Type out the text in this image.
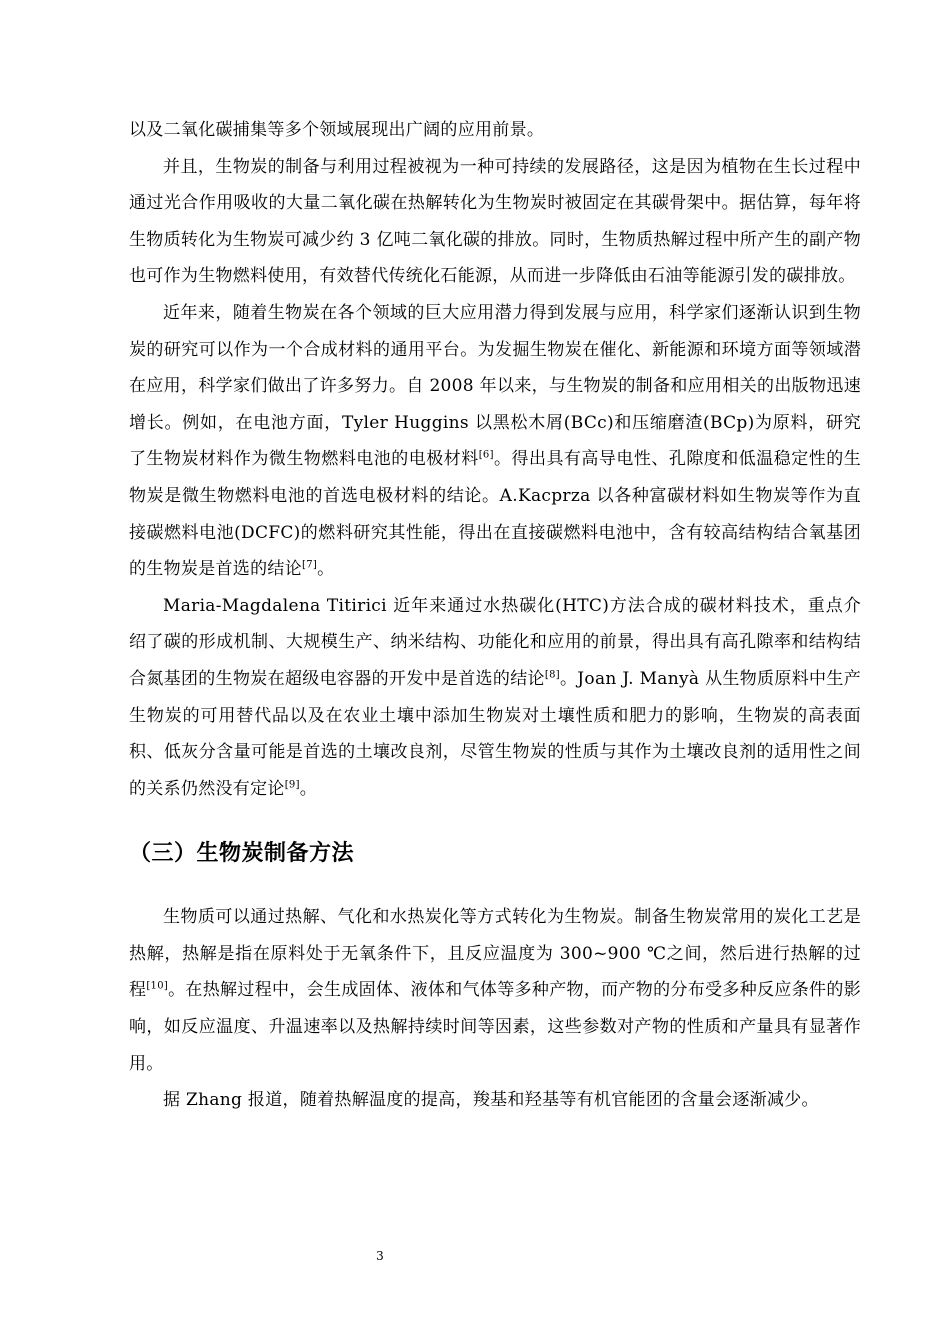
以及二氧化碳捕集等多个领域展现出广阔的应用前景。

并且，生物炭的制备与利用过程被视为一种可持续的发展路径，这是因为植物在生长过程中通过光合作用吸收的大量二氧化碳在热解转化为生物炭时被固定在其碳骨架中。据估算，每年将生物质转化为生物炭可减少约 3 亿吨二氧化碳的排放。同时，生物质热解过程中所产生的副产物也可作为生物燃料使用，有效替代传统化石能源，从而进一步降低由石油等能源引发的碳排放。

近年来，随着生物炭在各个领域的巨大应用潜力得到发展与应用，科学家们逐渐认识到生物炭的研究可以作为一个合成材料的通用平台。为发掘生物炭在催化、新能源和环境方面等领域潜在应用，科学家们做出了许多努力。自 2008 年以来，与生物炭的制备和应用相关的出版物迅速增长。例如，在电池方面，Tyler Huggins 以黑松木屑(BCc)和压缩磨渣(BCp)为原料，研究了生物炭材料作为微生物燃料电池的电极材料[6]。得出具有高导电性、孔隙度和低温稳定性的生物炭是微生物燃料电池的首选电极材料的结论。A.Kacprza 以各种富碳材料如生物炭等作为直接碳燃料电池(DCFC)的燃料研究其性能，得出在直接碳燃料电池中，含有较高结构结合氧基团的生物炭是首选的结论[7]。

Maria-Magdalena Titirici 近年来通过水热碳化(HTC)方法合成的碳材料技术，重点介绍了碳的形成机制、大规模生产、纳米结构、功能化和应用的前景，得出具有高孔隙率和结构结合氮基团的生物炭在超级电容器的开发中是首选的结论[8]。Joan J. Manyà 从生物质原料中生产生物炭的可用替代品以及在农业土壤中添加生物炭对土壤性质和肥力的影响，生物炭的高表面积、低灰分含量可能是首选的土壤改良剂，尽管生物炭的性质与其作为土壤改良剂的适用性之间的关系仍然没有定论[9]。

（三）生物炭制备方法

生物质可以通过热解、气化和水热炭化等方式转化为生物炭。制备生物炭常用的炭化工艺是热解，热解是指在原料处于无氧条件下，且反应温度为 300~900 ℃之间，然后进行热解的过程[10]。在热解过程中，会生成固体、液体和气体等多种产物，而产物的分布受多种反应条件的影响，如反应温度、升温速率以及热解持续时间等因素，这些参数对产物的性质和产量具有显著作用。

据 Zhang 报道，随着热解温度的提高，羧基和羟基等有机官能团的含量会逐渐减少。

3
